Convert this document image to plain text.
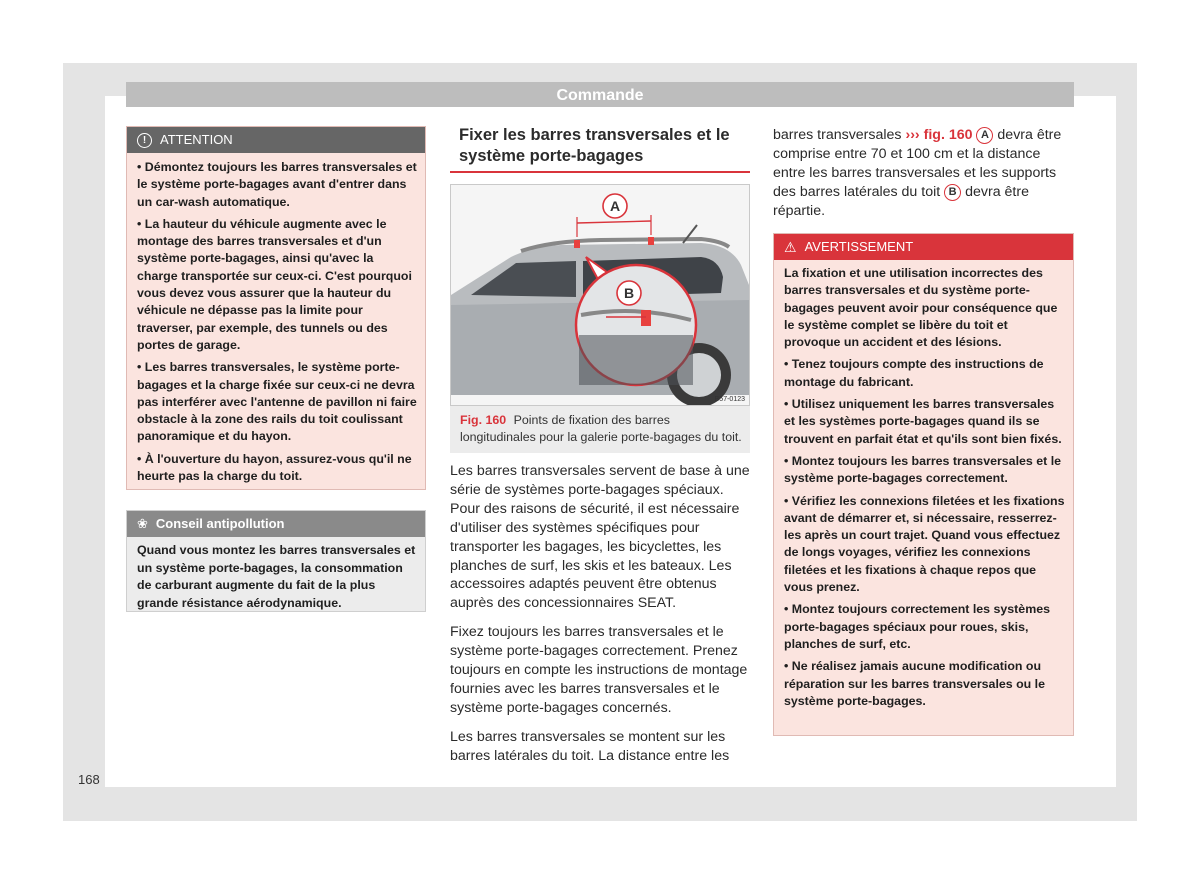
Commande
168
!	ATTENTION

• Démontez toujours les barres transversales et le système porte-bagages avant d'entrer dans un car-wash automatique.

• La hauteur du véhicule augmente avec le montage des barres transversales et d'un système porte-bagages, ainsi qu'avec la charge transportée sur ceux-ci. C'est pourquoi vous devez vous assurer que la hauteur du véhicule ne dépasse pas la limite pour traverser, par exemple, des tunnels ou des portes de garage.

• Les barres transversales, le système porte-bagages et la charge fixée sur ceux-ci ne devra pas interférer avec l'antenne de pavillon ni faire obstacle à la zone des rails du toit coulissant panoramique et du hayon.

• À l'ouverture du hayon, assurez-vous qu'il ne heurte pas la charge du toit.

❀ Conseil antipollution
Quand vous montez les barres transversales et un système porte-bagages, la consommation de carburant augmente du fait de la plus grande résistance aérodynamique.
Fixer les barres transversales et le système porte-bagages
A
B
B57-0123
Fig. 160 Points de fixation des barres longitudinales pour la galerie porte-bagages du toit.

Les barres transversales servent de base à une série de systèmes porte-bagages spéciaux. Pour des raisons de sécurité, il est nécessaire d'utiliser des systèmes spécifiques pour transporter les bagages, les bicyclettes, les planches de surf, les skis et les bateaux. Les accessoires adaptés peuvent être obtenus auprès des concessionnaires SEAT.

Fixez toujours les barres transversales et le système porte-bagages correctement. Prenez toujours en compte les instructions de montage fournies avec les barres transversales et le système porte-bagages concernés.

Les barres transversales se montent sur les barres latérales du toit. La distance entre les

barres transversales ››› fig. 160 A devra être comprise entre 70 et 100 cm et la distance entre les barres transversales et les supports des barres latérales du toit B devra être répartie.
⚠ AVERTISSEMENT

La fixation et une utilisation incorrectes des barres transversales et du système porte-bagages peuvent avoir pour conséquence que le système complet se libère du toit et provoque un accident et des lésions.

• Tenez toujours compte des instructions de montage du fabricant.

• Utilisez uniquement les barres transversales et les systèmes porte-bagages quand ils se trouvent en parfait état et qu'ils sont bien fixés.

• Montez toujours les barres transversales et le système porte-bagages correctement.

• Vérifiez les connexions filetées et les fixations avant de démarrer et, si nécessaire, resserrez-les après un court trajet. Quand vous effectuez de longs voyages, vérifiez les connexions filetées et les fixations à chaque repos que vous prenez.

• Montez toujours correctement les systèmes porte-bagages spéciaux pour roues, skis, planches de surf, etc.

• Ne réalisez jamais aucune modification ou réparation sur les barres transversales ou le système porte-bagages.
